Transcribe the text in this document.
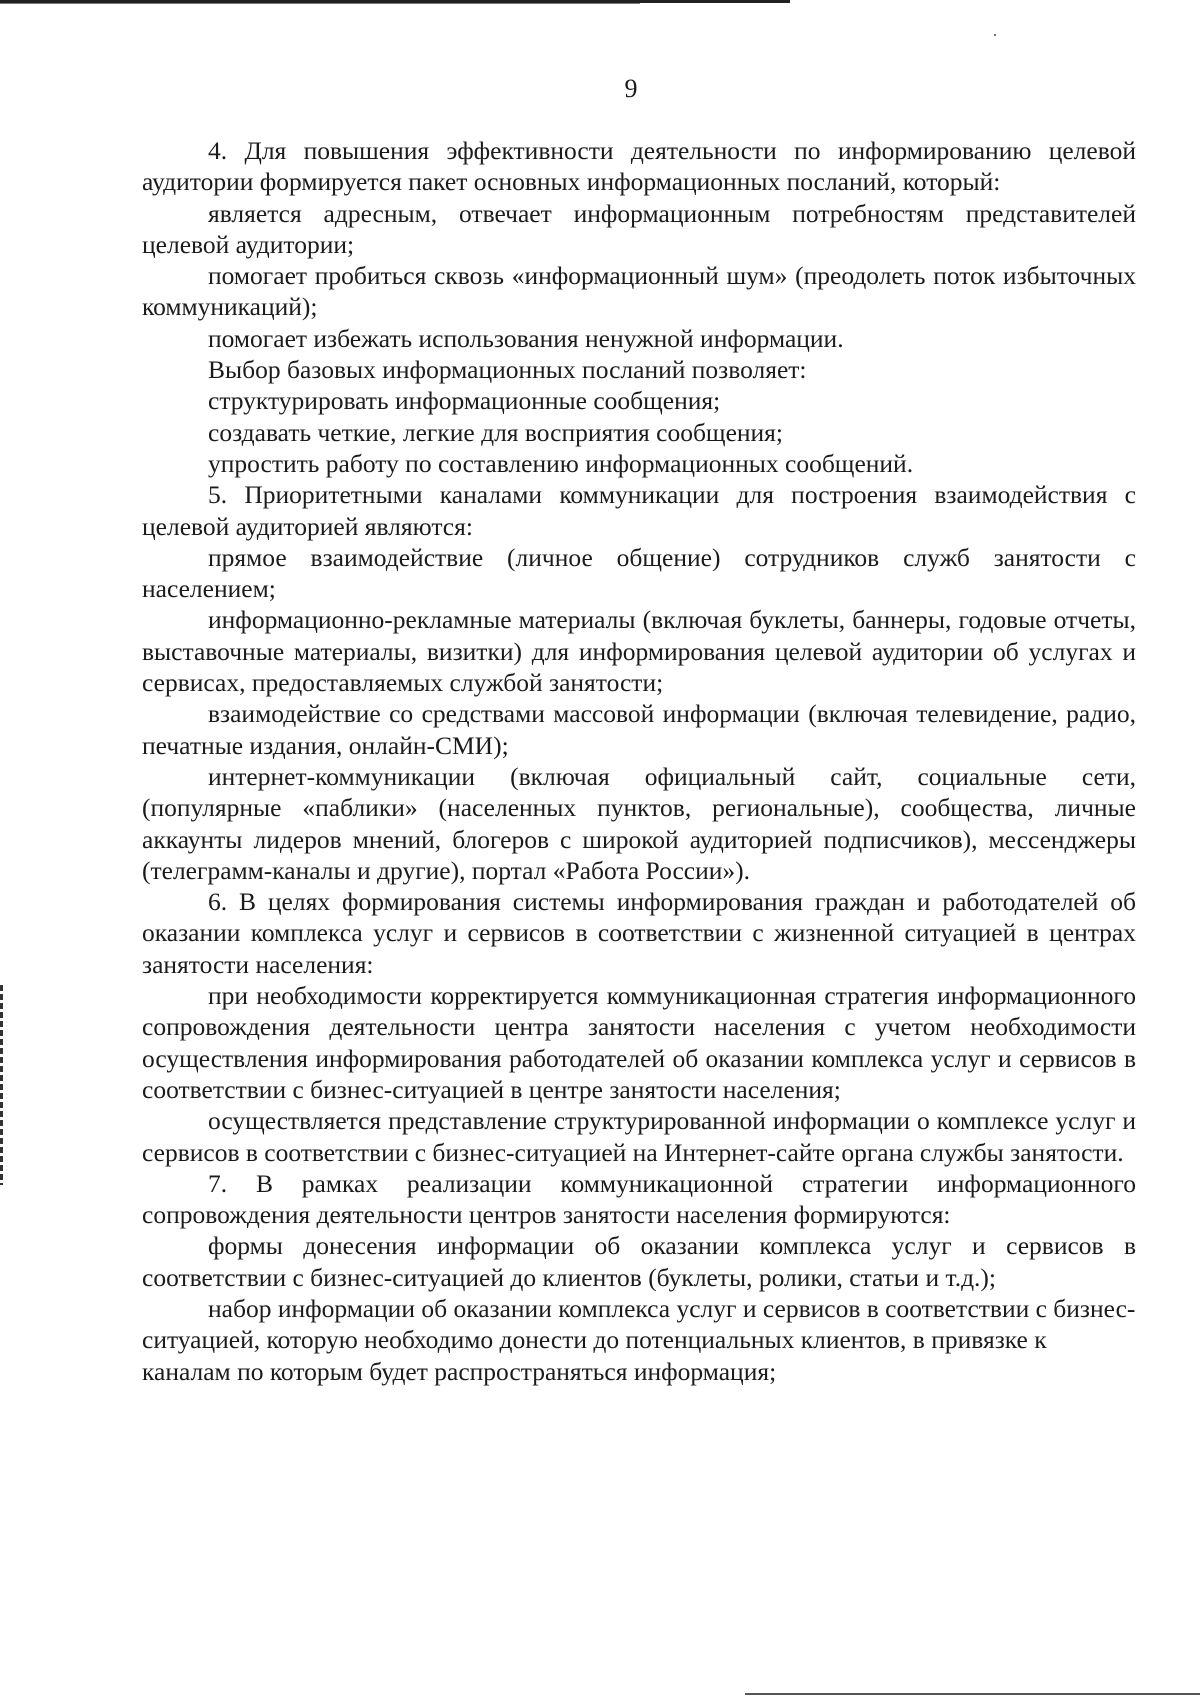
9

4. Для повышения эффективности деятельности по информированию целевой аудитории формируется пакет основных информационных посланий, который:

является адресным, отвечает информационным потребностям представителей целевой аудитории;

помогает пробиться сквозь «информационный шум» (преодолеть поток избыточных коммуникаций);

помогает избежать использования ненужной информации.

Выбор базовых информационных посланий позволяет:

структурировать информационные сообщения;

создавать четкие, легкие для восприятия сообщения;

упростить работу по составлению информационных сообщений.

5. Приоритетными каналами коммуникации для построения взаимодействия с целевой аудиторией являются:

прямое взаимодействие (личное общение) сотрудников служб занятости с населением;

информационно-рекламные материалы (включая буклеты, баннеры, годовые отчеты, выставочные материалы, визитки) для информирования целевой аудитории об услугах и сервисах, предоставляемых службой занятости;

взаимодействие со средствами массовой информации (включая телевидение, радио, печатные издания, онлайн-СМИ);

интернет-коммуникации (включая официальный сайт, социальные сети, (популярные «паблики» (населенных пунктов, региональные), сообщества, личные аккаунты лидеров мнений, блогеров с широкой аудиторией подписчиков), мессенджеры (телеграмм-каналы и другие), портал «Работа России»).

6. В целях формирования системы информирования граждан и работодателей об оказании комплекса услуг и сервисов в соответствии с жизненной ситуацией в центрах занятости населения:

при необходимости корректируется коммуникационная стратегия информационного сопровождения деятельности центра занятости населения с учетом необходимости осуществления информирования работодателей об оказании комплекса услуг и сервисов в соответствии с бизнес-ситуацией в центре занятости населения;

осуществляется представление структурированной информации о комплексе услуг и сервисов в соответствии с бизнес-ситуацией на Интернет-сайте органа службы занятости.

7. В рамках реализации коммуникационной стратегии информационного сопровождения деятельности центров занятости населения формируются:

формы донесения информации об оказании комплекса услуг и сервисов в соответствии с бизнес-ситуацией до клиентов (буклеты, ролики, статьи и т.д.);

набор информации об оказании комплекса услуг и сервисов в соответствии с бизнес-ситуацией, которую необходимо донести до потенциальных клиентов, в привязке к каналам по которым будет распространяться информация;
